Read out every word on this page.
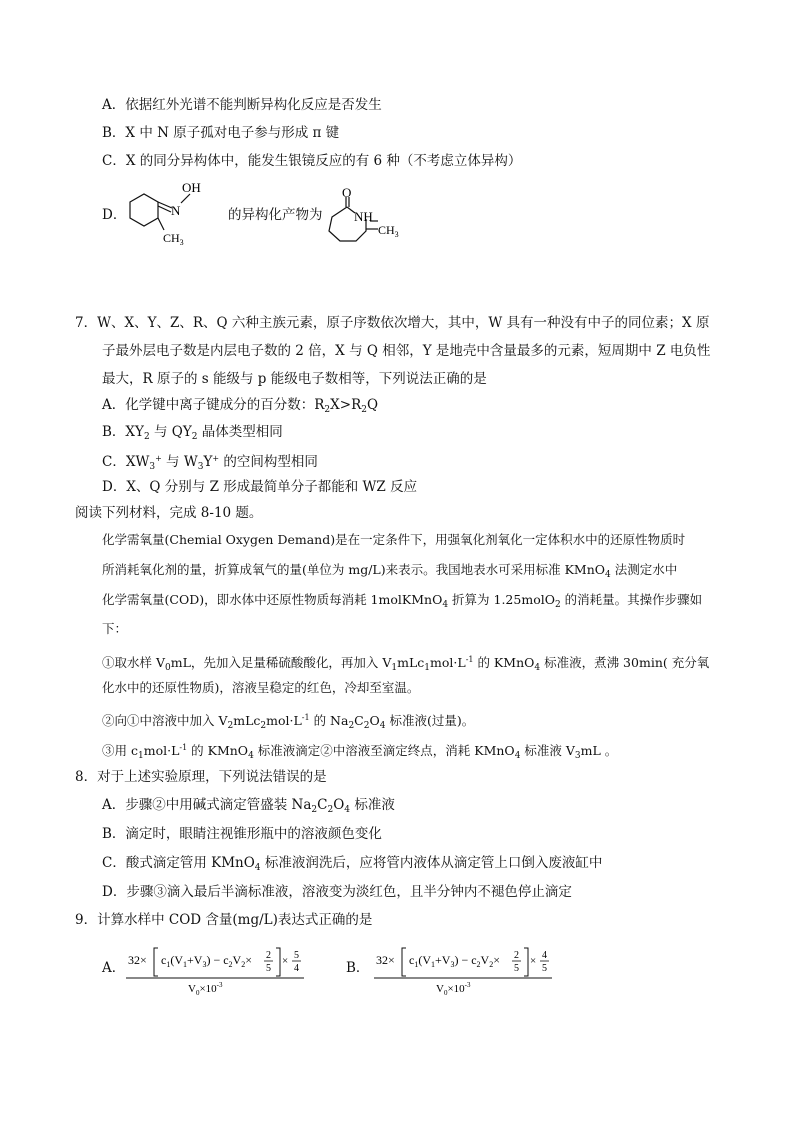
A．依据红外光谱不能判断异构化反应是否发生
B．X 中 N 原子孤对电子参与形成 π 键
C．X 的同分异构体中，能发生银镜反应的有 6 种（不考虑立体异构）
D．
OH
N
$CH_3$
的异构化产物为
O
NH
$CH_3$
7．W、X、Y、Z、R、Q 六种主族元素，原子序数依次增大，其中，W 具有一种没有中子的同位素；X 原
子最外层电子数是内层电子数的 2 倍，X 与 Q 相邻，Y 是地壳中含量最多的元素，短周期中 Z 电负性
最大，R 原子的 s 能级与 p 能级电子数相等，下列说法正确的是
A．化学键中离子键成分的百分数：$R_2X>R_2Q$
B．$XY_2$ 与 $QY_2$ 晶体类型相同
C．$XW_3^+$ 与 $W_3Y^+$ 的空间构型相同
D．X、Q 分别与 Z 形成最简单分子都能和 WZ 反应
阅读下列材料，完成 8-10 题。
化学需氧量(Chemial Oxygen Demand)是在一定条件下，用强氧化剂氧化一定体积水中的还原性物质时
所消耗氧化剂的量，折算成氧气的量(单位为 mg/L)来表示。我国地表水可采用标准 KMnO$_4$ 法测定水中
化学需氧量(COD)，即水体中还原性物质每消耗 1molKMnO$_4$ 折算为 1.25molO$_2$ 的消耗量。其操作步骤如
下：
①取水样 $V_0mL$，先加入足量稀硫酸酸化，再加入 $V_1mLc_1mol\cdot L^{-1}$ 的 KMnO$_4$ 标准液，煮沸 30min( 充分氧
化水中的还原性物质)，溶液呈稳定的红色，冷却至室温。
②向①中溶液中加入 $V_2mLc_2mol\cdot L^{-1}$ 的 $Na_2C_2O_4$ 标准液(过量)。
③用 $c_1mol\cdot L^{-1}$ 的 KMnO$_4$ 标准液滴定②中溶液至滴定终点，消耗 KMnO$_4$ 标准液 $V_3mL$ 。
8．对于上述实验原理，下列说法错误的是
A．步骤②中用碱式滴定管盛装 $Na_2C_2O_4$ 标准液
B．滴定时，眼睛注视锥形瓶中的溶液颜色变化
C．酸式滴定管用 KMnO$_4$ 标准液润洗后，应将管内液体从滴定管上口倒入废液缸中
D．步骤③滴入最后半滴标准液，溶液变为淡红色，且半分钟内不褪色停止滴定
9．计算水样中 COD 含量(mg/L)表达式正确的是
A． $32\times c_1(V_1+V_3) - c_2V_2\times 2$
5
× 5
4
$V_0\times 10^{-3}$
B． $32\times c_1(V_1+V_3) - c_2V_2\times 2$
5
× 4
5
$V_0\times 10^{-3}$
